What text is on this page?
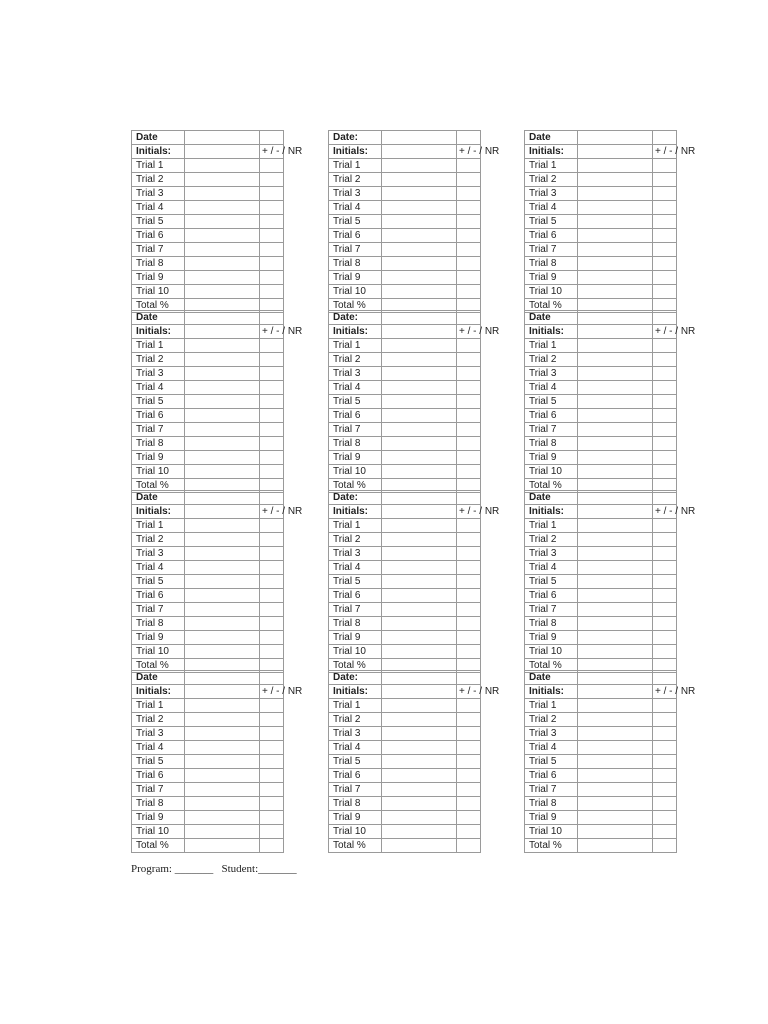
Date		
Initials:		+ / - / NR
Trial 1		
Trial 2		
Trial 3		
Trial 4		
Trial 5		
Trial 6		
Trial 7		
Trial 8		
Trial 9		
Trial 10		
Total %		
Date:		
Initials:		+ / - / NR
Trial 1		
Trial 2		
Trial 3		
Trial 4		
Trial 5		
Trial 6		
Trial 7		
Trial 8		
Trial 9		
Trial 10		
Total %		
Date		
Initials:		+ / - / NR
Trial 1		
Trial 2		
Trial 3		
Trial 4		
Trial 5		
Trial 6		
Trial 7		
Trial 8		
Trial 9		
Trial 10		
Total %		
Date		
Initials:		+ / - / NR
Trial 1		
Trial 2		
Trial 3		
Trial 4		
Trial 5		
Trial 6		
Trial 7		
Trial 8		
Trial 9		
Trial 10		
Total %		
Date:		
Initials:		+ / - / NR
Trial 1		
Trial 2		
Trial 3		
Trial 4		
Trial 5		
Trial 6		
Trial 7		
Trial 8		
Trial 9		
Trial 10		
Total %		
Date		
Initials:		+ / - / NR
Trial 1		
Trial 2		
Trial 3		
Trial 4		
Trial 5		
Trial 6		
Trial 7		
Trial 8		
Trial 9		
Trial 10		
Total %		
Date		
Initials:		+ / - / NR
Trial 1		
Trial 2		
Trial 3		
Trial 4		
Trial 5		
Trial 6		
Trial 7		
Trial 8		
Trial 9		
Trial 10		
Total %		
Date:		
Initials:		+ / - / NR
Trial 1		
Trial 2		
Trial 3		
Trial 4		
Trial 5		
Trial 6		
Trial 7		
Trial 8		
Trial 9		
Trial 10		
Total %		
Date		
Initials:		+ / - / NR
Trial 1		
Trial 2		
Trial 3		
Trial 4		
Trial 5		
Trial 6		
Trial 7		
Trial 8		
Trial 9		
Trial 10		
Total %		
Date		
Initials:		+ / - / NR
Trial 1		
Trial 2		
Trial 3		
Trial 4		
Trial 5		
Trial 6		
Trial 7		
Trial 8		
Trial 9		
Trial 10		
Total %		
Date:		
Initials:		+ / - / NR
Trial 1		
Trial 2		
Trial 3		
Trial 4		
Trial 5		
Trial 6		
Trial 7		
Trial 8		
Trial 9		
Trial 10		
Total %		
Date		
Initials:		+ / - / NR
Trial 1		
Trial 2		
Trial 3		
Trial 4		
Trial 5		
Trial 6		
Trial 7		
Trial 8		
Trial 9		
Trial 10		
Total %		
Program: _______ Student:_______
